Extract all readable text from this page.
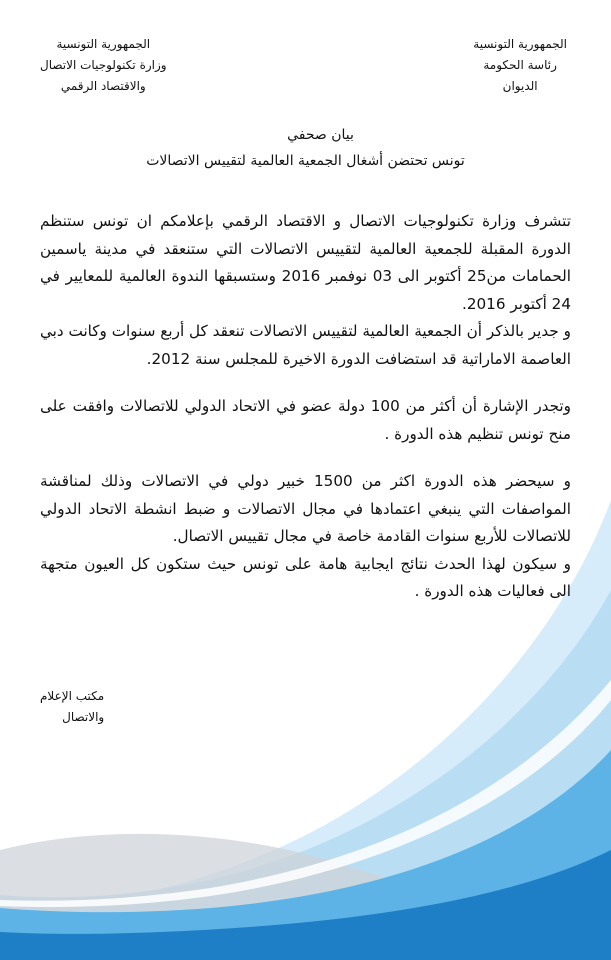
الجمهورية التونسية
رئاسة الحكومة
الديوان
الجمهورية التونسية
وزارة تكنولوجيات الاتصال
والاقتصاد الرقمي
بيان صحفي
تونس تحتضن أشغال الجمعية العالمية لتقييس الاتصالات

تتشرف وزارة تكنولوجيات الاتصال و الاقتصاد الرقمي بإعلامكم ان تونس ستنظم الدورة المقبلة للجمعية العالمية لتقييس الاتصالات التي ستنعقد في مدينة ياسمين الحمامات من25 أكتوبر الى 03 نوفمبر 2016 وستسبقها الندوة العالمية للمعايير في 24 أكتوبر 2016.

و جدير بالذكر أن الجمعية العالمية لتقييس الاتصالات تنعقد كل أربع سنوات وكانت دبي العاصمة الاماراتية قد استضافت الدورة الاخيرة للمجلس سنة 2012.

وتجدر الإشارة أن أكثر من 100 دولة عضو في الاتحاد الدولي للاتصالات وافقت على منح تونس تنظيم هذه الدورة .

و سيحضر هذه الدورة اكثر من 1500 خبير دولي في الاتصالات وذلك لمناقشة المواصفات التي ينبغي اعتمادها في مجال الاتصالات و ضبط انشطة الاتحاد الدولي للاتصالات للأربع سنوات القادمة خاصة في مجال تقييس الاتصال.

و سيكون لهذا الحدث نتائج ايجابية هامة على تونس حيث ستكون كل العيون متجهة الى فعاليات هذه الدورة .

مكتب الإعلام
والاتصال
